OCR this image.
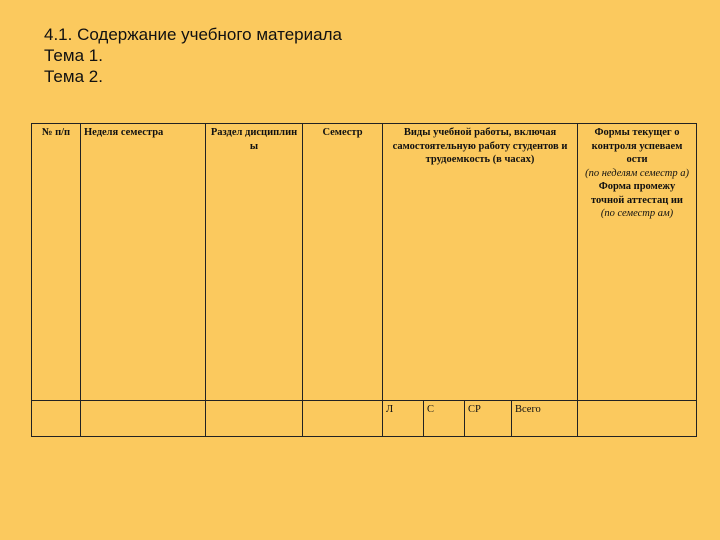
4.1. Содержание учебного материала
Тема 1.
Тема 2.
№ п/п	Неделя семестра	Раздел дисциплин ы	Семестр	Виды учебной работы, включая самостоятельную работу студентов и трудоемкость (в часах)				Формы текущег о контроля успеваем ости
(по неделям семестр а)
Форма промежу точной аттестац ии
(по семестр ам)

				Л	С	СР	Всего	
